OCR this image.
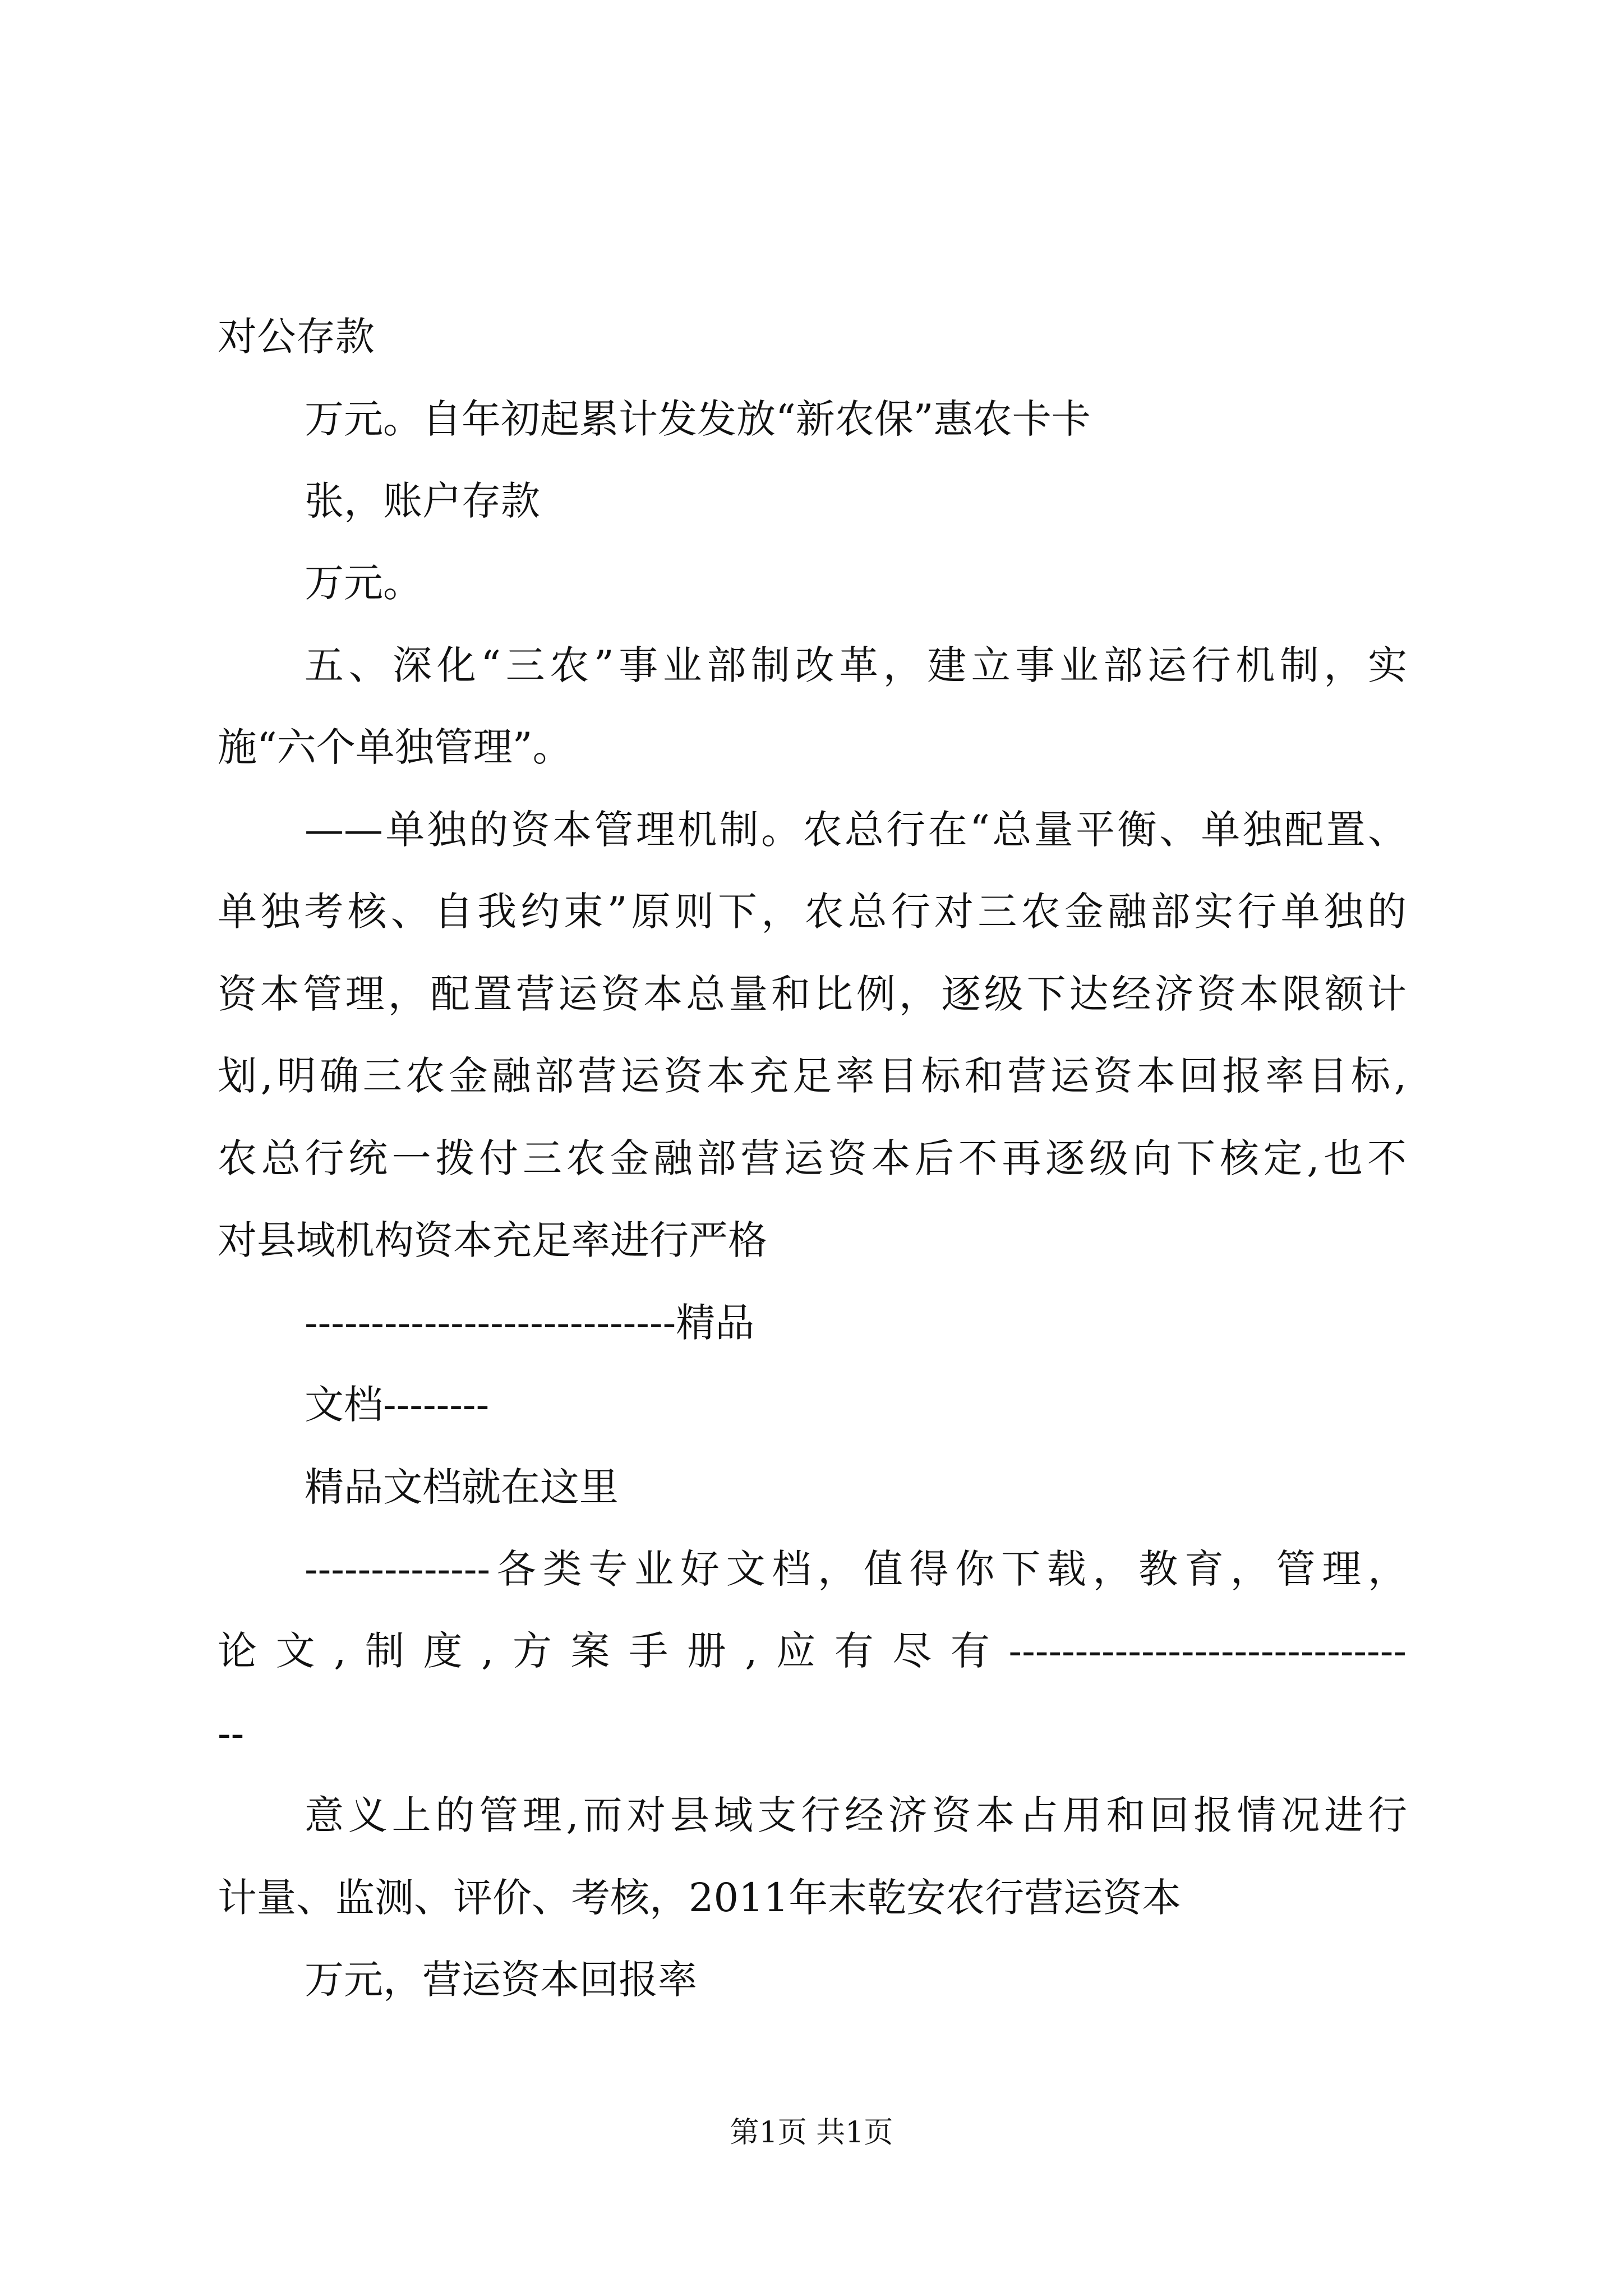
对公存款
万元。自年初起累计发发放“新农保”惠农卡卡
张，账户存款
万元。
五、深化“三农”事业部制改革，建立事业部运行机制，实
施“六个单独管理”。
——单独的资本管理机制。农总行在“总量平衡、单独配置、
单独考核、自我约束”原则下，农总行对三农金融部实行单独的
资本管理，配置营运资本总量和比例，逐级下达经济资本限额计
划,明确三农金融部营运资本充足率目标和营运资本回报率目标,
农总行统一拨付三农金融部营运资本后不再逐级向下核定,也不
对县域机构资本充足率进行严格
----------------------------精品
文档--------
精品文档就在这里
--------------各类专业好文档，值得你下载，教育，管理，
论文,制度,方案手册,应有尽有------------------------------
--
意义上的管理,而对县域支行经济资本占用和回报情况进行
计量、监测、评价、考核，2011年末乾安农行营运资本
万元，营运资本回报率
第1页 共1页
